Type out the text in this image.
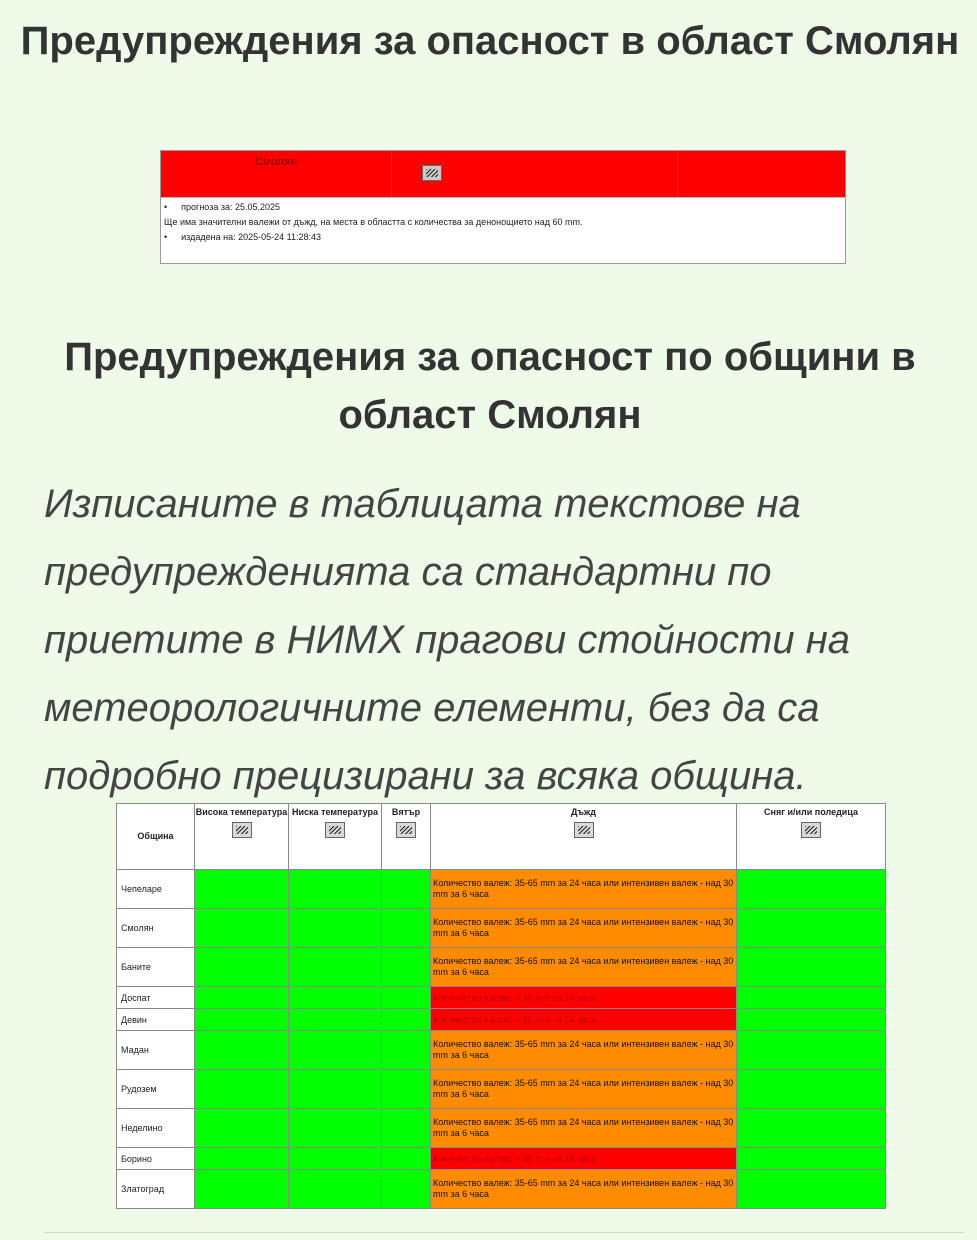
Предупреждения за опасност в област Смолян
Смолян
• прогноза за: 25.05.2025
Ще има значителни валежи от дъжд, на места в областта с количества за денонощието над 60 mm.
• издадена на: 2025-05-24 11:28:43
Предупреждения за опасност по общини в област Смолян

Изписаните в таблицата текстове на предупрежденията са стандартни по приетите в НИМХ прагови стойности на метеорологичните елементи, без да са подробно прецизирани за всяка община.

Община	Висока температура	Ниска температура	Вятър	Дъжд	Сняг и/или поледица

Чепеларе				Количество валеж: 35-65 mm за 24 часа или интензивен валеж - над 30 mm за 6 часа	
Смолян				Количество валеж: 35-65 mm за 24 часа или интензивен валеж - над 30 mm за 6 часа	
Баните				Количество валеж: 35-65 mm за 24 часа или интензивен валеж - над 30 mm за 6 часа	
Доспат				Количество валеж: > 65 mm за 24 часа	
Девин				Количество валеж: > 65 mm за 24 часа	
Мадан				Количество валеж: 35-65 mm за 24 часа или интензивен валеж - над 30 mm за 6 часа	
Рудозем				Количество валеж: 35-65 mm за 24 часа или интензивен валеж - над 30 mm за 6 часа	
Неделино				Количество валеж: 35-65 mm за 24 часа или интензивен валеж - над 30 mm за 6 часа	
Борино				Количество валеж: > 65 mm за 24 часа	
Златоград				Количество валеж: 35-65 mm за 24 часа или интензивен валеж - над 30 mm за 6 часа	
